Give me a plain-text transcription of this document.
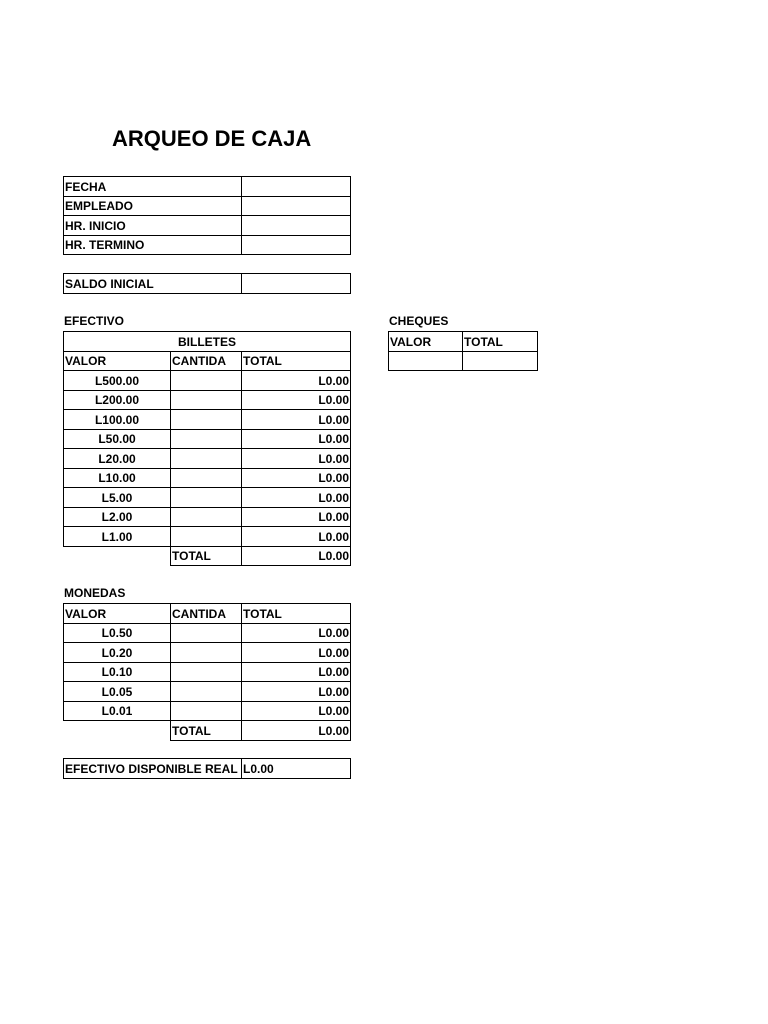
ARQUEO DE CAJA
FECHA	
EMPLEADO	
HR. INICIO	
HR. TERMINO	
SALDO INICIAL	
EFECTIVO
BILLETES		
VALOR	CANTIDA	TOTAL
L500.00		L0.00
L200.00		L0.00
L100.00		L0.00
L50.00		L0.00
L20.00		L0.00
L10.00		L0.00
L5.00		L0.00
L2.00		L0.00
L1.00		L0.00
	TOTAL	L0.00
MONEDAS
VALOR	CANTIDA	TOTAL
L0.50		L0.00
L0.20		L0.00
L0.10		L0.00
L0.05		L0.00
L0.01		L0.00
	TOTAL	L0.00
EFECTIVO DISPONIBLE REAL	L0.00
CHEQUES
VALOR	TOTAL
